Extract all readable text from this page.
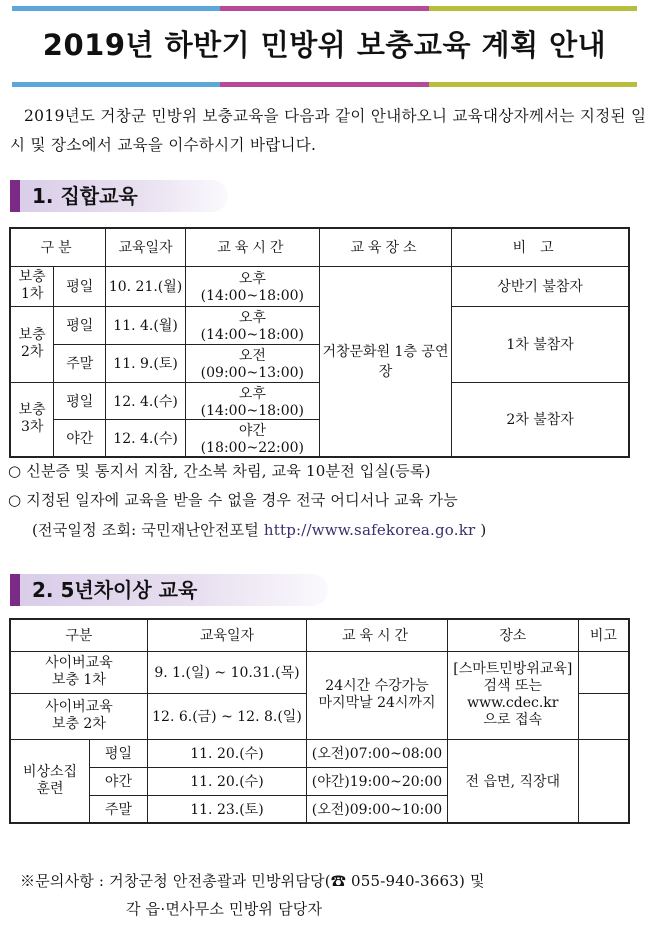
2019년 하반기 민방위 보충교육 계획 안내
2019년도 거창군 민방위 보충교육을 다음과 같이 안내하오니 교육대상자께서는 지정된 일시 및 장소에서 교육을 이수하시기 바랍니다.
1. 집합교육
구분		교육일자	교육시간	교육장소	비고
보충
1차	평일	10. 21.(월)	오후(14:00~18:00)	거창문화원 1층 공연장	상반기 불참자
보충
2차	평일	11. 4.(월)	오후(14:00~18:00)		1차 불참자
	주말	11. 9.(토)	오전(09:00~13:00)		
보충
3차	평일	12. 4.(수)	오후(14:00~18:00)		2차 불참자
	야간	12. 4.(수)	야간(18:00~22:00)		
○ 신분증 및 통지서 지참, 간소복 차림, 교육 10분전 입실(등록)
○ 지정된 일자에 교육을 받을 수 없을 경우 전국 어디서나 교육 가능
(전국일정 조회: 국민재난안전포털 http://www.safekorea.go.kr )
2. 5년차이상 교육
구분		교육일자	교육시간	장소	비고
사이버교육
보충 1차		9. 1.(일) ~ 10.31.(목)	24시간 수강가능
마지막날 24시까지	[스마트민방위교육]
검색 또는
www.cdec.kr
으로 접속	
사이버교육
보충 2차		12. 6.(금) ~ 12. 8.(일)			
비상소집
훈련	평일	11. 20.(수)	(오전)07:00~08:00	전 읍면, 직장대	
	야간	11. 20.(수)	(야간)19:00~20:00		
	주말	11. 23.(토)	(오전)09:00~10:00		
※문의사항 : 거창군청 안전총괄과 민방위담당(☎ 055-940-3663) 및
각 읍·면사무소 민방위 담당자
